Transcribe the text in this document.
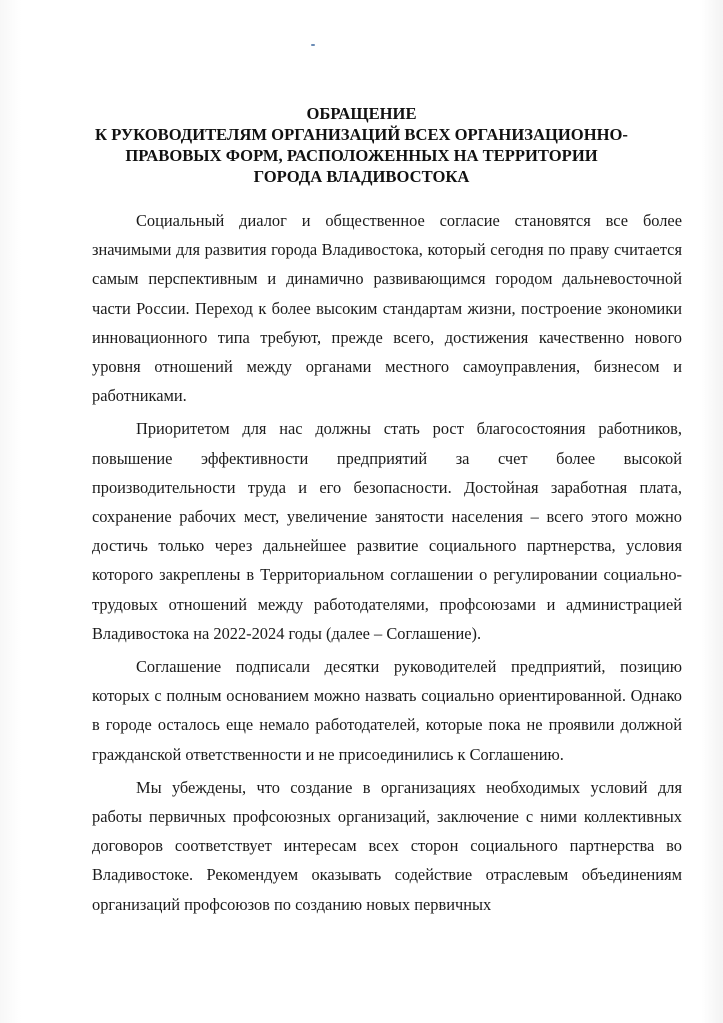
ОБРАЩЕНИЕ
К РУКОВОДИТЕЛЯМ ОРГАНИЗАЦИЙ ВСЕХ ОРГАНИЗАЦИОННО-
ПРАВОВЫХ ФОРМ, РАСПОЛОЖЕННЫХ НА ТЕРРИТОРИИ
ГОРОДА ВЛАДИВОСТОКА

Социальный диалог и общественное согласие становятся все более значимыми для развития города Владивостока, который сегодня по праву считается самым перспективным и динамично развивающимся городом дальневосточной части России. Переход к более высоким стандартам жизни, построение экономики инновационного типа требуют, прежде всего, достижения качественно нового уровня отношений между органами местного самоуправления, бизнесом и работниками.

Приоритетом для нас должны стать рост благосостояния работников, повышение эффективности предприятий за счет более высокой производительности труда и его безопасности. Достойная заработная плата, сохранение рабочих мест, увеличение занятости населения – всего этого можно достичь только через дальнейшее развитие социального партнерства, условия которого закреплены в Территориальном соглашении о регулировании социально-трудовых отношений между работодателями, профсоюзами и администрацией Владивостока на 2022-2024 годы (далее – Соглашение).

Соглашение подписали десятки руководителей предприятий, позицию которых с полным основанием можно назвать социально ориентированной. Однако в городе осталось еще немало работодателей, которые пока не проявили должной гражданской ответственности и не присоединились к Соглашению.

Мы убеждены, что создание в организациях необходимых условий для работы первичных профсоюзных организаций, заключение с ними коллективных договоров соответствует интересам всех сторон социального партнерства во Владивостоке. Рекомендуем оказывать содействие отраслевым объединениям организаций профсоюзов по созданию новых первичных
